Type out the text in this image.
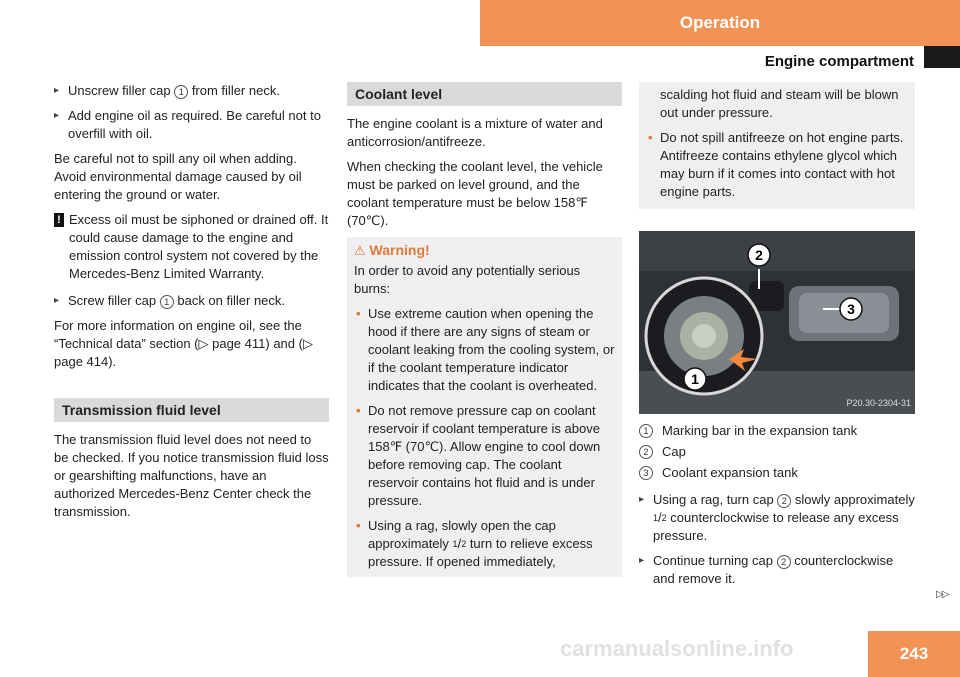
Operation
Engine compartment
▸ Unscrew filler cap 1 from filler neck.
▸ Add engine oil as required. Be careful not to overfill with oil.

Be careful not to spill any oil when adding. Avoid environmental damage caused by oil entering the ground or water.

! Excess oil must be siphoned or drained off. It could cause damage to the engine and emission control system not covered by the Mercedes-Benz Limited Warranty.
▸ Screw filler cap 1 back on filler neck.

For more information on engine oil, see the “Technical data” section (▷ page 411) and (▷ page 414).

Transmission fluid level

The transmission fluid level does not need to be checked. If you notice transmission fluid loss or gearshifting malfunctions, have an authorized Mercedes-Benz Center check the transmission.

Coolant level

The engine coolant is a mixture of water and anticorrosion/antifreeze.

When checking the coolant level, the vehicle must be parked on level ground, and the coolant temperature must be below 158℉ (70℃).

⚠ Warning!

In order to avoid any potentially serious burns:

• Use extreme caution when opening the hood if there are any signs of steam or coolant leaking from the cooling system, or if the coolant temperature indicator indicates that the coolant is overheated.
• Do not remove pressure cap on coolant reservoir if coolant temperature is above 158℉ (70℃). Allow engine to cool down before removing cap. The coolant reservoir contains hot fluid and is under pressure.
• Using a rag, slowly open the cap approximately $^1$/2 turn to relieve excess pressure. If opened immediately,
scalding hot fluid and steam will be blown out under pressure.
• Do not spill antifreeze on hot engine parts. Antifreeze contains ethylene glycol which may burn if it comes into contact with hot engine parts.
2
3
1
P20.30-2304-31
1	Marking bar in the expansion tank
2	Cap
3	Coolant expansion tank
▸ Using a rag, turn cap 2 slowly approximately $^1$/2 counterclockwise to release any excess pressure.
▸ Continue turning cap 2 counterclockwise and remove it.
▷▷
carmanualsonline.info	243
